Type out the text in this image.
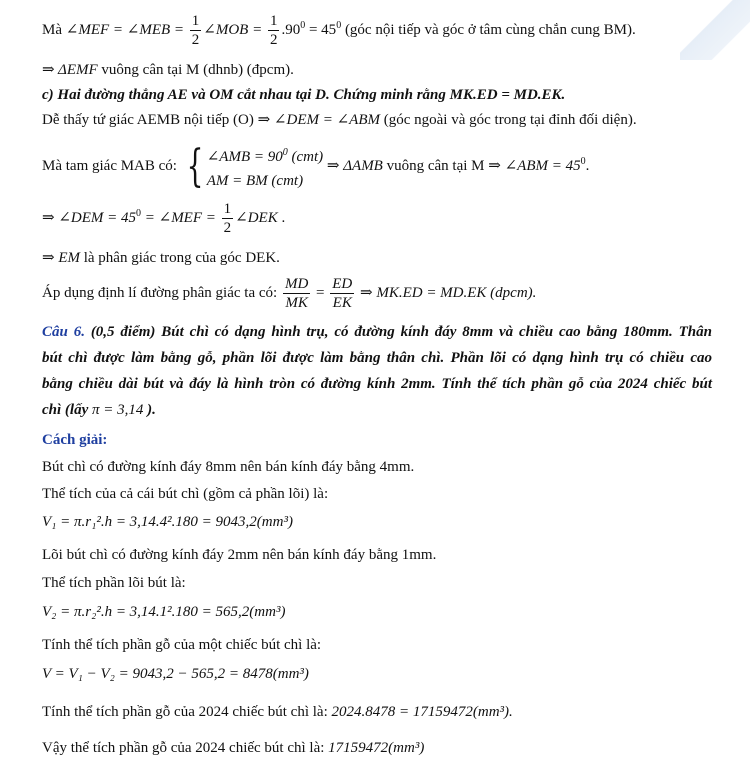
Mà ∠MEF = ∠MEB = $\frac{1}{2}$ ∠MOB = $\frac{1}{2} .90^0 = 45^0$ (góc nội tiếp và góc ở tâm cùng chắn cung BM).
⇒ ΔEMF vuông cân tại M (dhnb) (đpcm).
c) Hai đường thẳng AE và OM cắt nhau tại D. Chứng minh rằng MK.ED = MD.EK.
Dễ thấy tứ giác AEMB nội tiếp (O) ⇒ ∠DEM = ∠ABM (góc ngoài và góc trong tại đỉnh đối diện).
Mà tam giác MAB có: { ∠AMB = $90^0$ (cmt)
AM = BM (cmt)
⇒ ΔAMB vuông cân tại M ⇒ ∠ABM = $45^0$.
⇒ ∠DEM = $45^0$ = ∠MEF = $\frac{1}{2}$ ∠DEK .
⇒ EM là phân giác trong của góc DEK.
Áp dụng định lí đường phân giác ta có: $\frac{MD}{MK} = \frac{ED}{EK}$ ⇒ MK.ED = MD.EK (dpcm).
Câu 6. (0,5 điểm) Bút chì có dạng hình trụ, có đường kính đáy 8mm và chiều cao bằng 180mm. Thân
bút chì được làm bằng gỗ, phần lõi được làm bằng thân chì. Phần lõi có dạng hình trụ có chiều cao
bằng chiều dài bút và đáy là hình tròn có đường kính 2mm. Tính thể tích phần gỗ của 2024 chiếc bút
chì (lấy π = 3,14 ).
Cách giải:
Bút chì có đường kính đáy 8mm nên bán kính đáy bằng 4mm.
Thể tích của cả cái bút chì (gồm cả phần lõi) là:
V₁ = π.r₁².h = 3,14.4².180 = 9043,2(mm³)
Lõi bút chì có đường kính đáy 2mm nên bán kính đáy bằng 1mm.
Thể tích phần lõi bút là:
V₂ = π.r₂².h = 3,14.1².180 = 565,2(mm³)
Tính thể tích phần gỗ của một chiếc bút chì là:
V = V₁ − V₂ = 9043,2 − 565,2 = 8478(mm³)
Tính thể tích phần gỗ của 2024 chiếc bút chì là: 2024.8478 = 17159472(mm³).
Vậy thể tích phần gỗ của 2024 chiếc bút chì là: 17159472(mm³)
